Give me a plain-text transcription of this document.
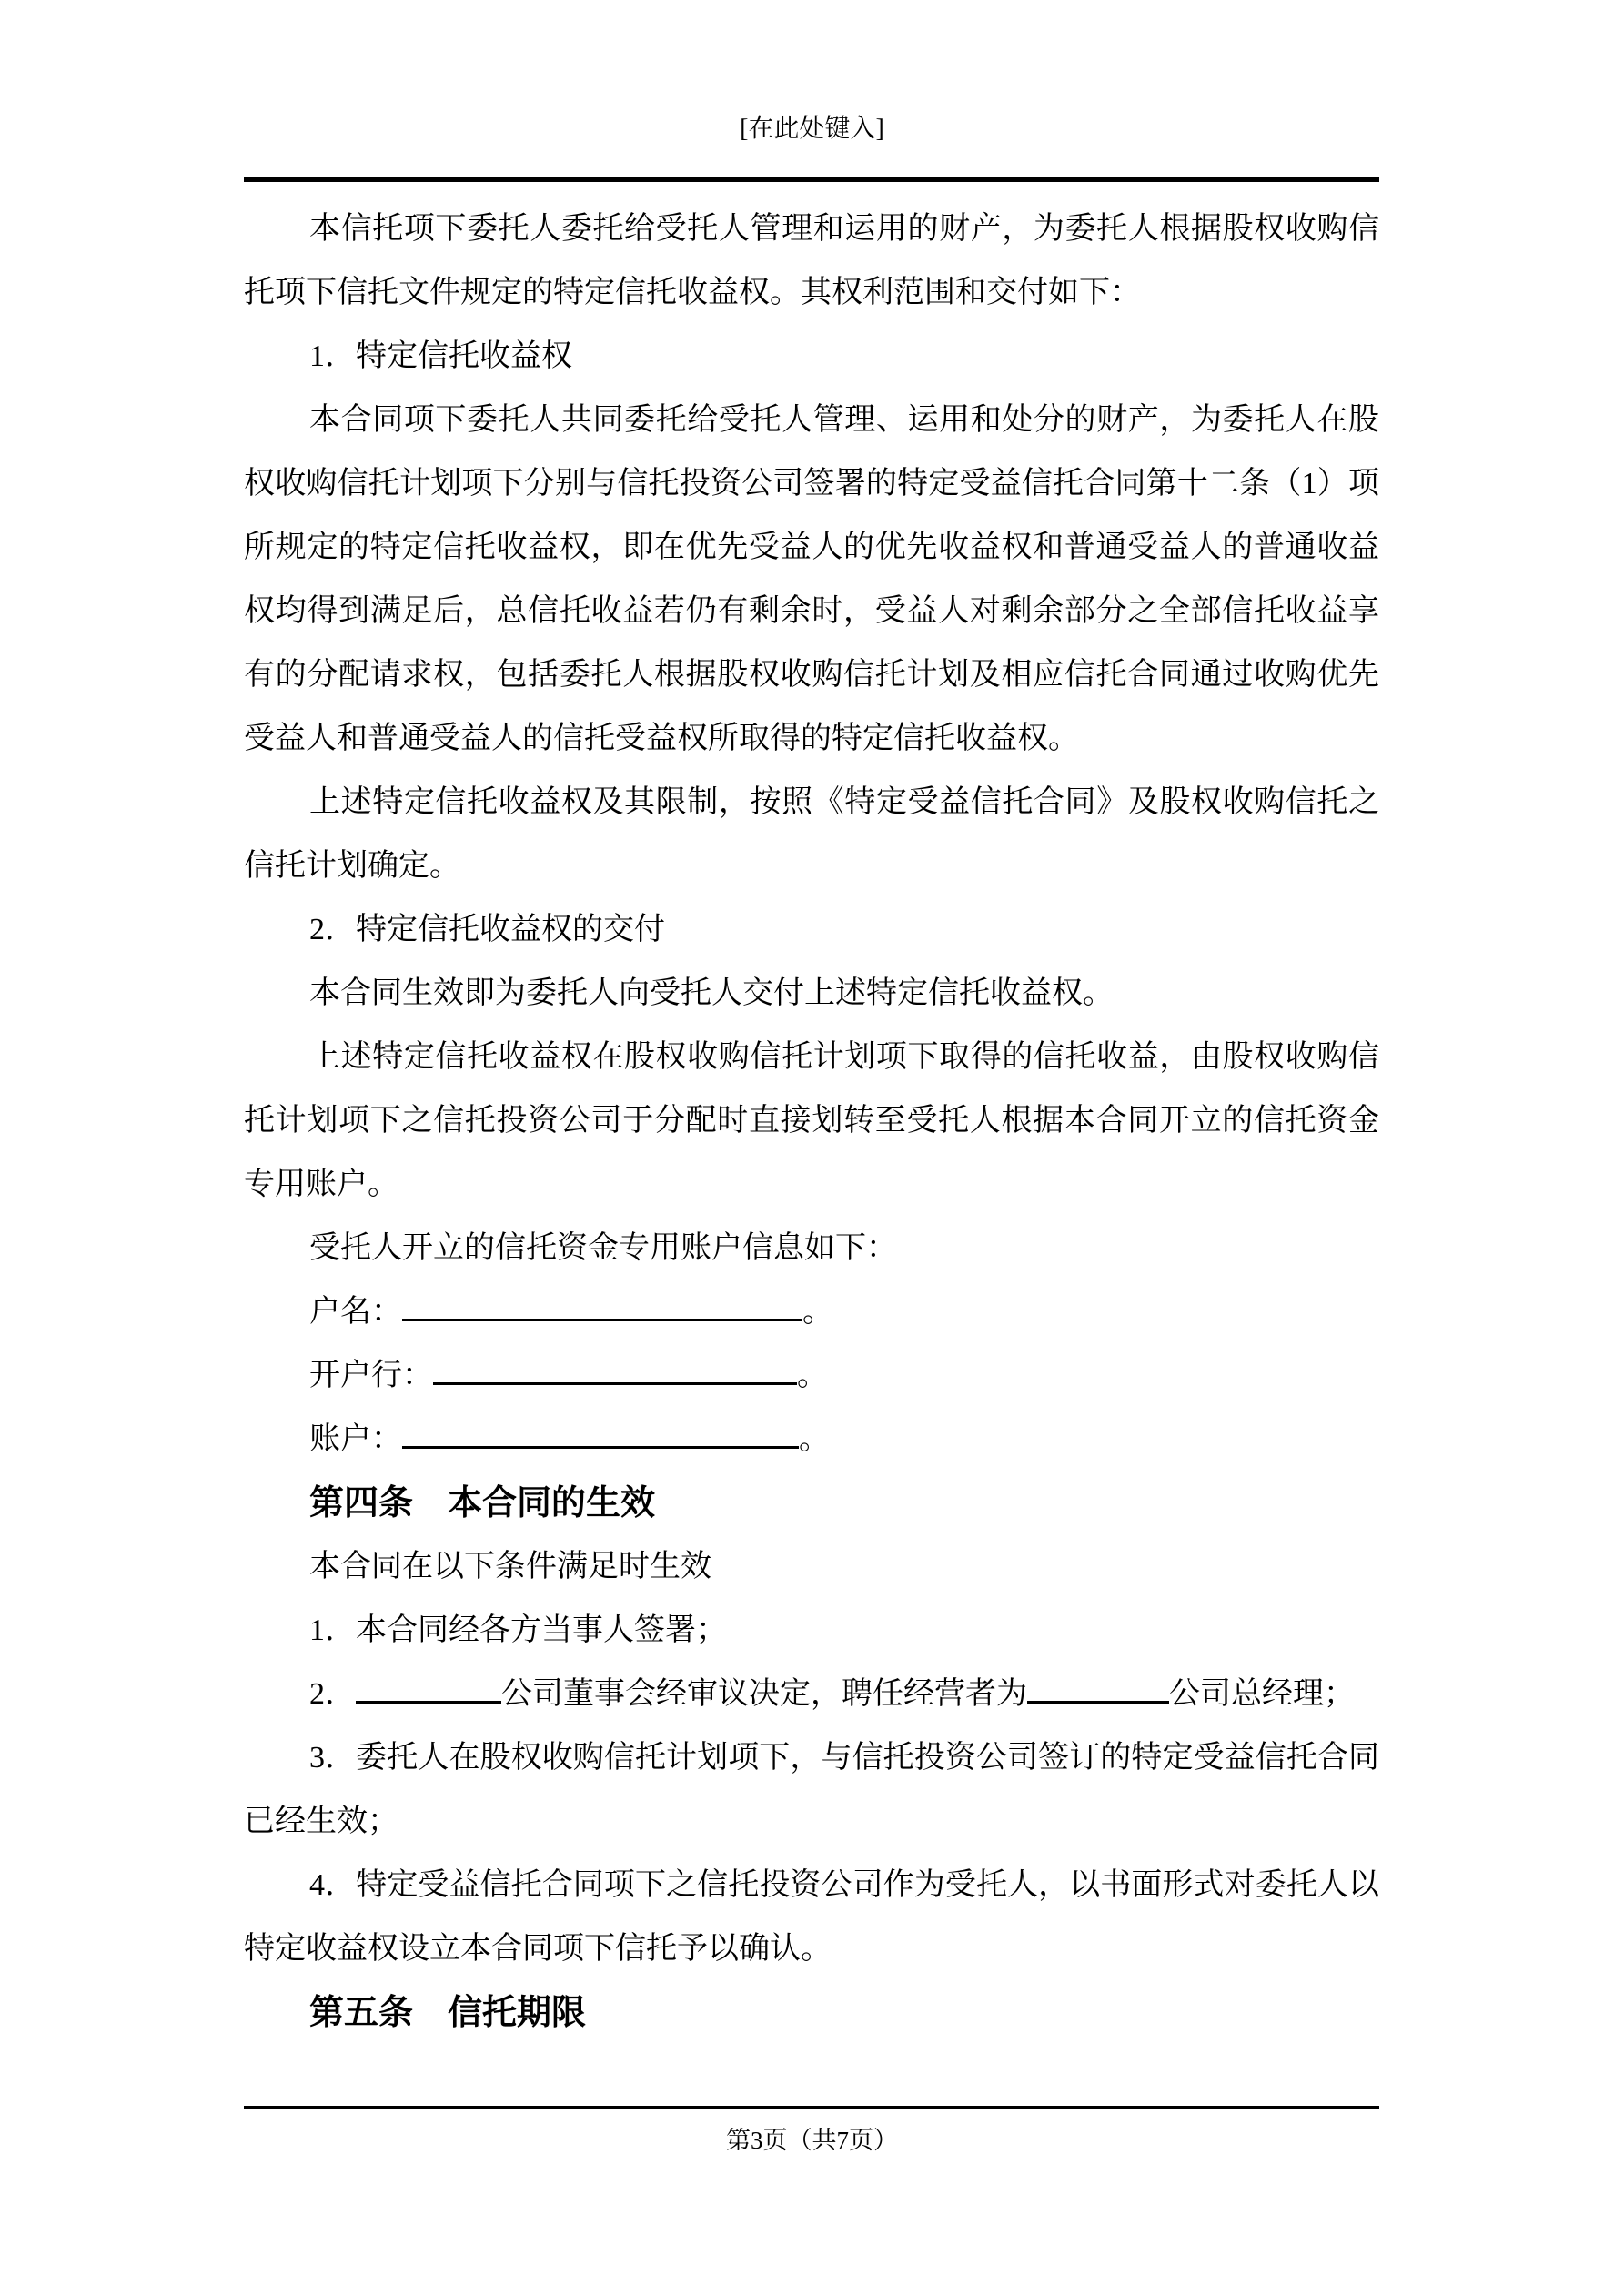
[在此处键入]

本信托项下委托人委托给受托人管理和运用的财产，为委托人根据股权收购信托项下信托文件规定的特定信托收益权。其权利范围和交付如下：

1．特定信托收益权

本合同项下委托人共同委托给受托人管理、运用和处分的财产，为委托人在股权收购信托计划项下分别与信托投资公司签署的特定受益信托合同第十二条（1）项所规定的特定信托收益权，即在优先受益人的优先收益权和普通受益人的普通收益权均得到满足后，总信托收益若仍有剩余时，受益人对剩余部分之全部信托收益享有的分配请求权，包括委托人根据股权收购信托计划及相应信托合同通过收购优先受益人和普通受益人的信托受益权所取得的特定信托收益权。

上述特定信托收益权及其限制，按照《特定受益信托合同》及股权收购信托之信托计划确定。

2．特定信托收益权的交付

本合同生效即为委托人向受托人交付上述特定信托收益权。

上述特定信托收益权在股权收购信托计划项下取得的信托收益，由股权收购信托计划项下之信托投资公司于分配时直接划转至受托人根据本合同开立的信托资金专用账户。

受托人开立的信托资金专用账户信息如下：

户名：	。

开户行：	。

账户：	。

第四条　本合同的生效

本合同在以下条件满足时生效

1．本合同经各方当事人签署；

2．	公司董事会经审议决定，聘任经营者为	公司总经理；

3．委托人在股权收购信托计划项下，与信托投资公司签订的特定受益信托合同已经生效；

4．特定受益信托合同项下之信托投资公司作为受托人，以书面形式对委托人以特定收益权设立本合同项下信托予以确认。

第五条　信托期限

第3页（共7页）
